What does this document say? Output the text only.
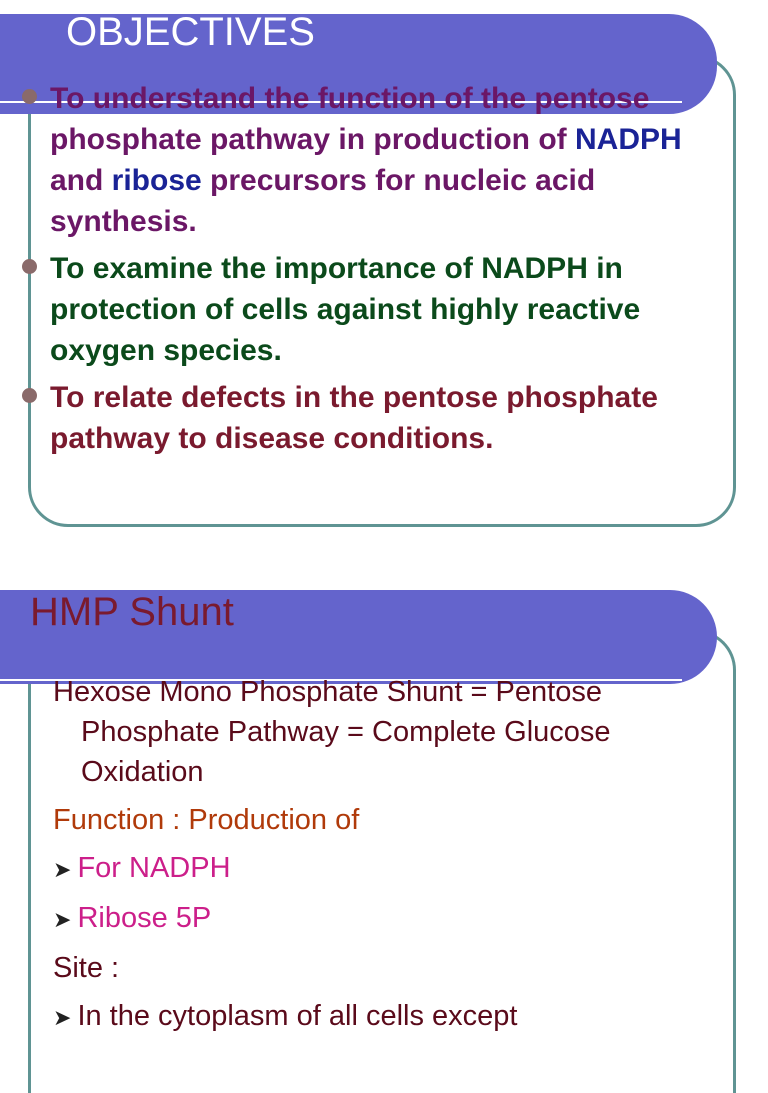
OBJECTIVES
To understand the function of the pentose phosphate pathway in production of NADPH and ribose precursors for nucleic acid synthesis.
To examine the importance of NADPH in protection of cells against highly reactive oxygen species.
To relate defects in the pentose phosphate pathway to disease conditions.
HMP Shunt
Hexose Mono Phosphate Shunt = Pentose
Phosphate Pathway = Complete Glucose
Oxidation
Function : Production of
➤ For NADPH
➤ Ribose 5P
Site :
➤ In the cytoplasm of all cells except
